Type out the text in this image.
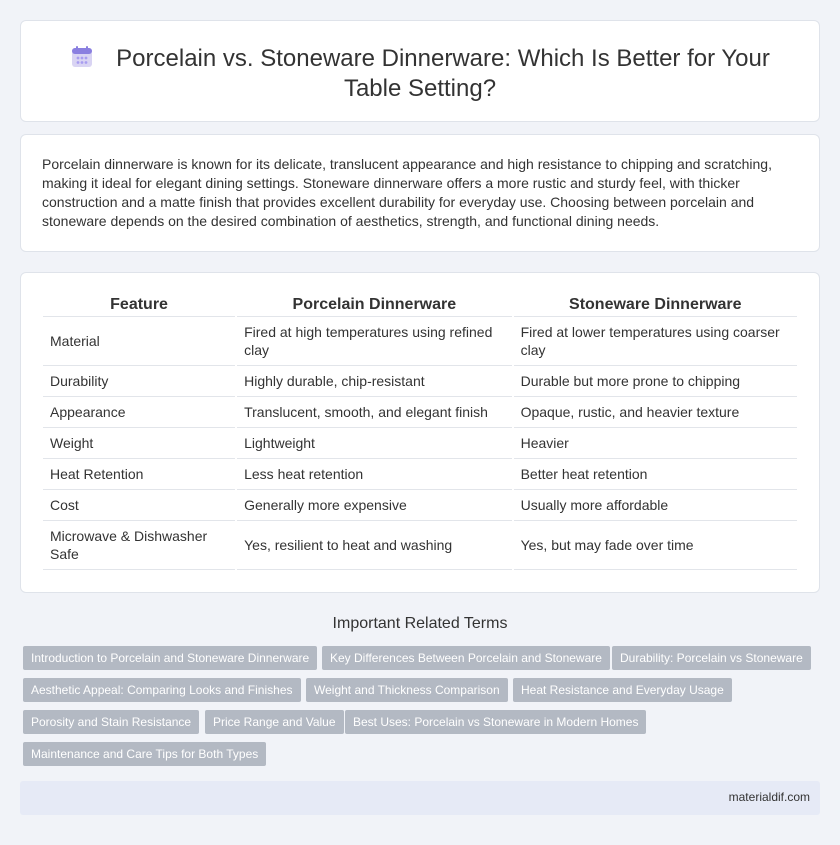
Porcelain vs. Stoneware Dinnerware: Which Is Better for Your Table Setting?

Porcelain dinnerware is known for its delicate, translucent appearance and high resistance to chipping and scratching, making it ideal for elegant dining settings. Stoneware dinnerware offers a more rustic and sturdy feel, with thicker construction and a matte finish that provides excellent durability for everyday use. Choosing between porcelain and stoneware depends on the desired combination of aesthetics, strength, and functional dining needs.

Feature	Porcelain Dinnerware	Stoneware Dinnerware
Material	Fired at high temperatures using refined clay	Fired at lower temperatures using coarser clay
Durability	Highly durable, chip-resistant	Durable but more prone to chipping
Appearance	Translucent, smooth, and elegant finish	Opaque, rustic, and heavier texture
Weight	Lightweight	Heavier
Heat Retention	Less heat retention	Better heat retention
Cost	Generally more expensive	Usually more affordable
Microwave & Dishwasher Safe	Yes, resilient to heat and washing	Yes, but may fade over time
Important Related Terms
Introduction to Porcelain and Stoneware Dinnerware	Key Differences Between Porcelain and Stoneware	Durability: Porcelain vs Stoneware
Aesthetic Appeal: Comparing Looks and Finishes	Weight and Thickness Comparison	Heat Resistance and Everyday Usage
Porosity and Stain Resistance	Price Range and Value	Best Uses: Porcelain vs Stoneware in Modern Homes
Maintenance and Care Tips for Both Types
materialdif.com
